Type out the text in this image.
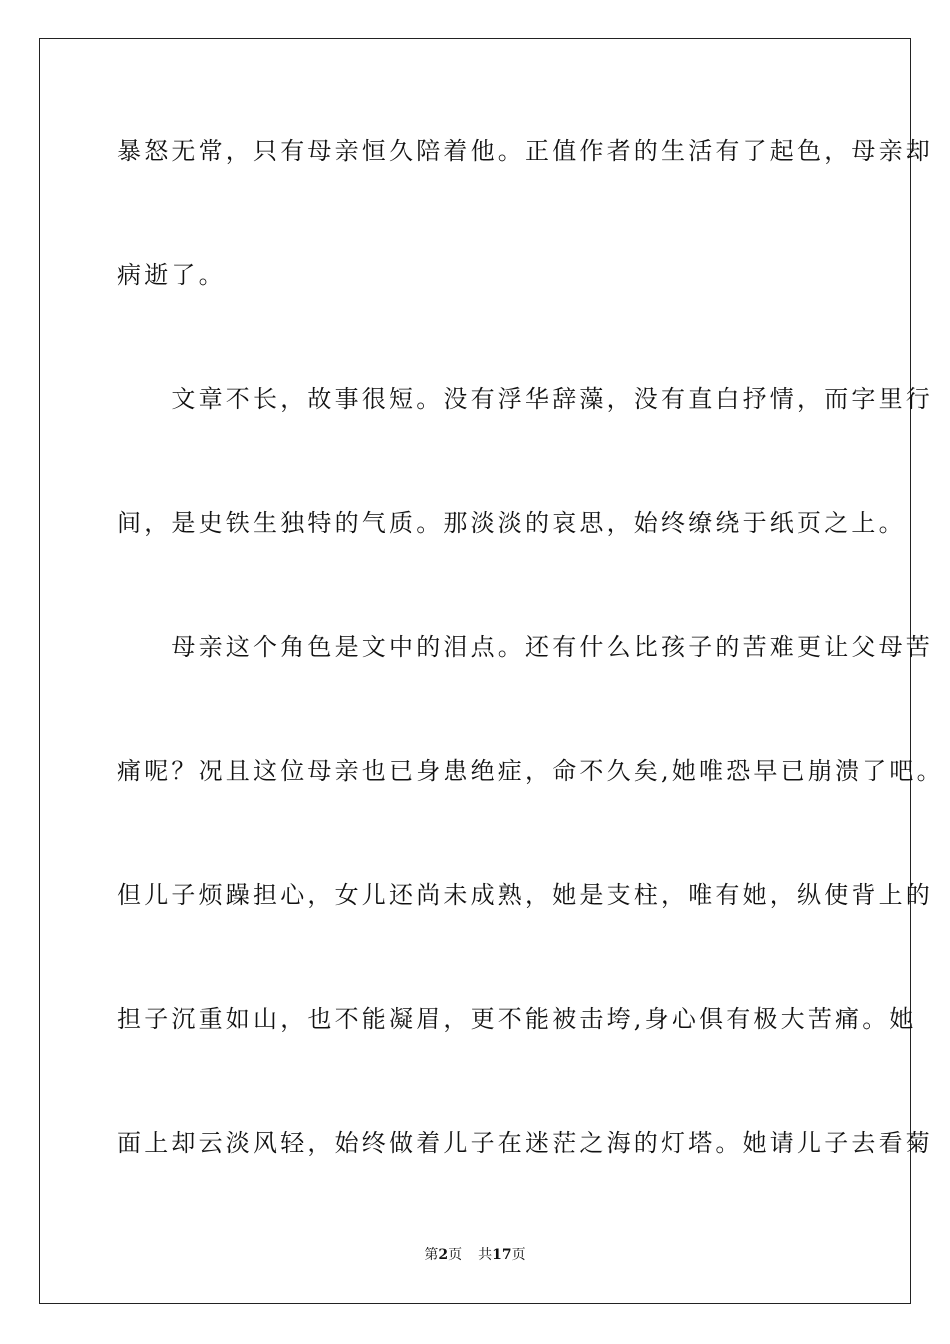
暴怒无常，只有母亲恒久陪着他。正值作者的生活有了起色，母亲却
病逝了。
　　文章不长，故事很短。没有浮华辞藻，没有直白抒情，而字里行
间，是史铁生独特的气质。那淡淡的哀思，始终缭绕于纸页之上。
　　母亲这个角色是文中的泪点。还有什么比孩子的苦难更让父母苦
痛呢？况且这位母亲也已身患绝症，命不久矣,她唯恐早已崩溃了吧。
但儿子烦躁担心，女儿还尚未成熟，她是支柱，唯有她，纵使背上的
担子沉重如山，也不能凝眉，更不能被击垮,身心俱有极大苦痛。她
面上却云淡风轻，始终做着儿子在迷茫之海的灯塔。她请儿子去看菊
第2页 共17页
